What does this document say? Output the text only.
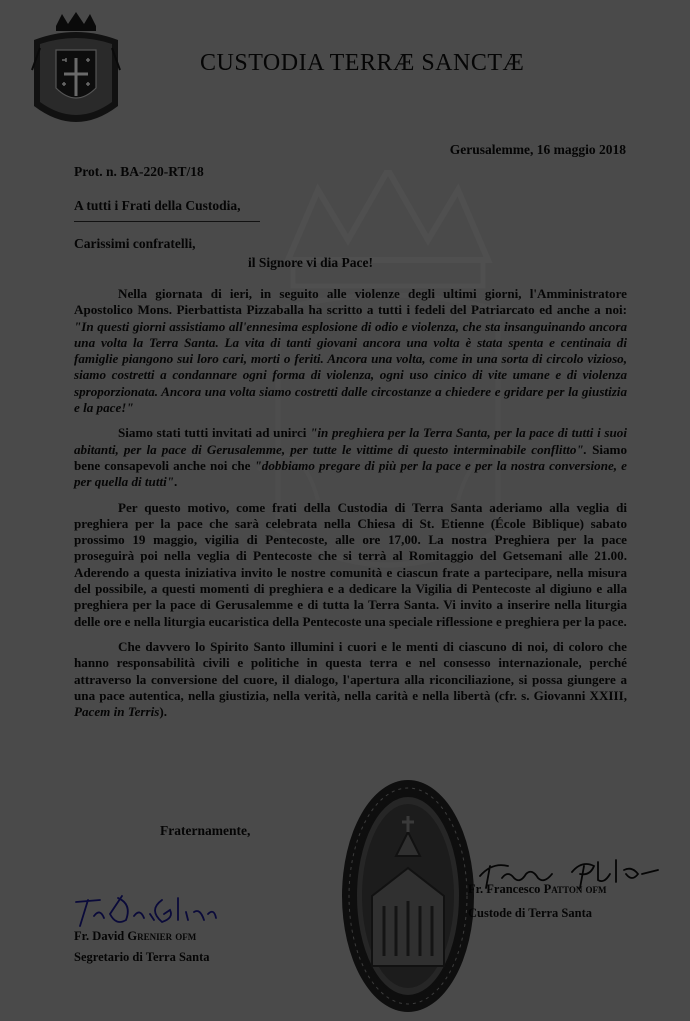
CUSTODIA TERRÆ SANCTÆ
Gerusalemme, 16 maggio 2018
Prot. n. BA-220-RT/18
A tutti i Frati della Custodia,
Carissimi confratelli,
il Signore vi dia Pace!

Nella giornata di ieri, in seguito alle violenze degli ultimi giorni, l'Amministratore Apostolico Mons. Pierbattista Pizzaballa ha scritto a tutti i fedeli del Patriarcato ed anche a noi: "In questi giorni assistiamo all'ennesima esplosione di odio e violenza, che sta insanguinando ancora una volta la Terra Santa. La vita di tanti giovani ancora una volta è stata spenta e centinaia di famiglie piangono sui loro cari, morti o feriti. Ancora una volta, come in una sorta di circolo vizioso, siamo costretti a condannare ogni forma di violenza, ogni uso cinico di vite umane e di violenza sproporzionata. Ancora una volta siamo costretti dalle circostanze a chiedere e gridare per la giustizia e la pace!"

Siamo stati tutti invitati ad unirci "in preghiera per la Terra Santa, per la pace di tutti i suoi abitanti, per la pace di Gerusalemme, per tutte le vittime di questo interminabile conflitto". Siamo bene consapevoli anche noi che "dobbiamo pregare di più per la pace e per la nostra conversione, e per quella di tutti".

Per questo motivo, come frati della Custodia di Terra Santa aderiamo alla veglia di preghiera per la pace che sarà celebrata nella Chiesa di St. Etienne (École Biblique) sabato prossimo 19 maggio, vigilia di Pentecoste, alle ore 17,00. La nostra Preghiera per la pace proseguirà poi nella veglia di Pentecoste che si terrà al Romitaggio del Getsemani alle 21.00. Aderendo a questa iniziativa invito le nostre comunità e ciascun frate a partecipare, nella misura del possibile, a questi momenti di preghiera e a dedicare la Vigilia di Pentecoste al digiuno e alla preghiera per la pace di Gerusalemme e di tutta la Terra Santa. Vi invito a inserire nella liturgia delle ore e nella liturgia eucaristica della Pentecoste una speciale riflessione e preghiera per la pace.

Che davvero lo Spirito Santo illumini i cuori e le menti di ciascuno di noi, di coloro che hanno responsabilità civili e politiche in questa terra e nel consesso internazionale, perché attraverso la conversione del cuore, il dialogo, l'apertura alla riconciliazione, si possa giungere a una pace autentica, nella giustizia, nella verità, nella carità e nella libertà (cfr. s. Giovanni XXIII, Pacem in Terris).

Fraternamente,
Fr. Francesco Patton ofm
Custode di Terra Santa
Fr. David Grenier ofm
Segretario di Terra Santa
